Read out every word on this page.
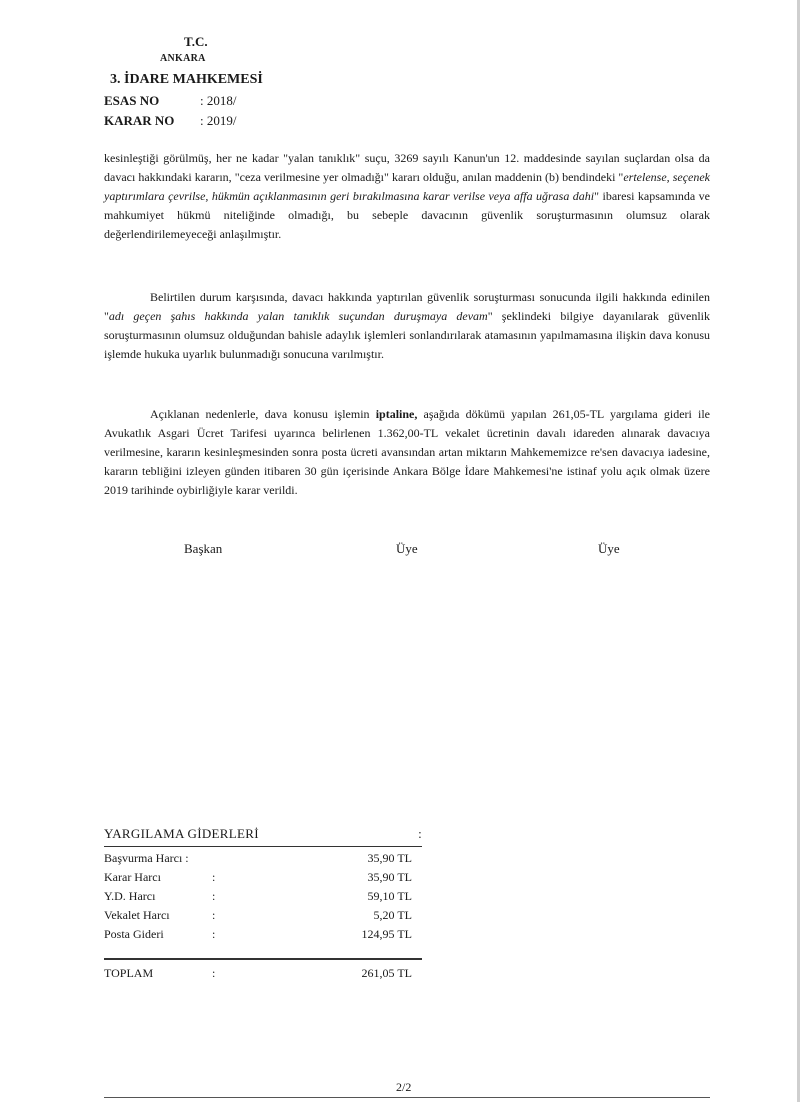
T.C.
ANKARA
3. İDARE MAHKEMESİ
ESAS NO	: 2018/
KARAR NO : 2019/
kesinleştiği görülmüş, her ne kadar "yalan tanıklık" suçu, 3269 sayılı Kanun'un 12. maddesinde sayılan suçlardan olsa da davacı hakkındaki kararın, "ceza verilmesine yer olmadığı" kararı olduğu, anılan maddenin (b) bendindeki "ertelense, seçenek yaptırımlara çevrilse, hükmün açıklanmasının geri bırakılmasına karar verilse veya affa uğrasa dahi" ibaresi kapsamında ve mahkumiyet hükmü niteliğinde olmadığı, bu sebeple davacının güvenlik soruşturmasının olumsuz olarak değerlendirilemeyeceği anlaşılmıştır.
Belirtilen durum karşısında, davacı hakkında yaptırılan güvenlik soruşturması sonucunda ilgili hakkında edinilen "adı geçen şahıs hakkında yalan tanıklık suçundan duruşmaya devam" şeklindeki bilgiye dayanılarak güvenlik soruşturmasının olumsuz olduğundan bahisle adaylık işlemleri sonlandırılarak atamasının yapılmamasına ilişkin dava konusu işlemde hukuka uyarlık bulunmadığı sonucuna varılmıştır.
Açıklanan nedenlerle, dava konusu işlemin iptaline, aşağıda dökümü yapılan 261,05-TL yargılama gideri ile Avukatlık Asgari Ücret Tarifesi uyarınca belirlenen 1.362,00-TL vekalet ücretinin davalı idareden alınarak davacıya verilmesine, kararın kesinleşmesinden sonra posta ücreti avansından artan miktarın Mahkememizce re'sen davacıya iadesine, kararın tebliğini izleyen günden itibaren 30 gün içerisinde Ankara Bölge İdare Mahkemesi'ne istinaf yolu açık olmak üzere 2019 tarihinde oybirliğiyle karar verildi.
Başkan	Üye	Üye
YARGILAMA GİDERLERİ	:
Başvurma Harcı :	35,90 TL
Karar Harcı	:	35,90 TL
Y.D. Harcı	:	59,10 TL
Vekalet Harcı	:	5,20 TL
Posta Gideri	:	124,95 TL
TOPLAM	:	261,05 TL
2/2
